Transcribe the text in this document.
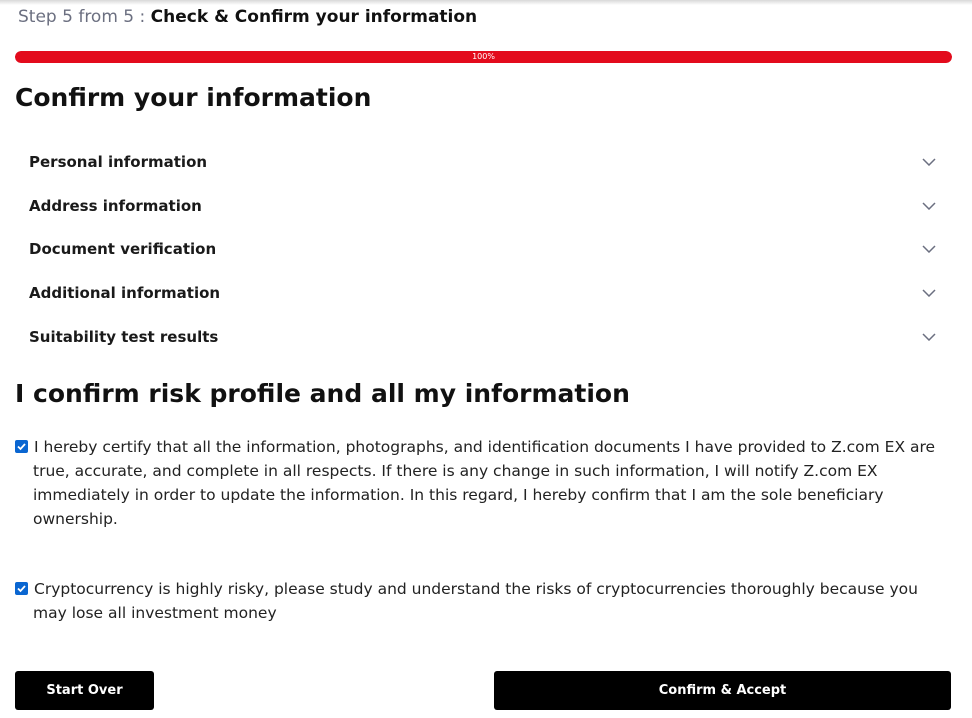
Step 5 from 5 : Check & Confirm your information
100%
Confirm your information
Personal information
Address information
Document verification
Additional information
Suitability test results
I confirm risk profile and all my information
I hereby certify that all the information, photographs, and identification documents I have provided to Z.com EX are true, accurate, and complete in all respects. If there is any change in such information, I will notify Z.com EX immediately in order to update the information. In this regard, I hereby confirm that I am the sole beneficiary ownership.
Cryptocurrency is highly risky, please study and understand the risks of cryptocurrencies thoroughly because you may lose all investment money
Start Over	Confirm & Accept
